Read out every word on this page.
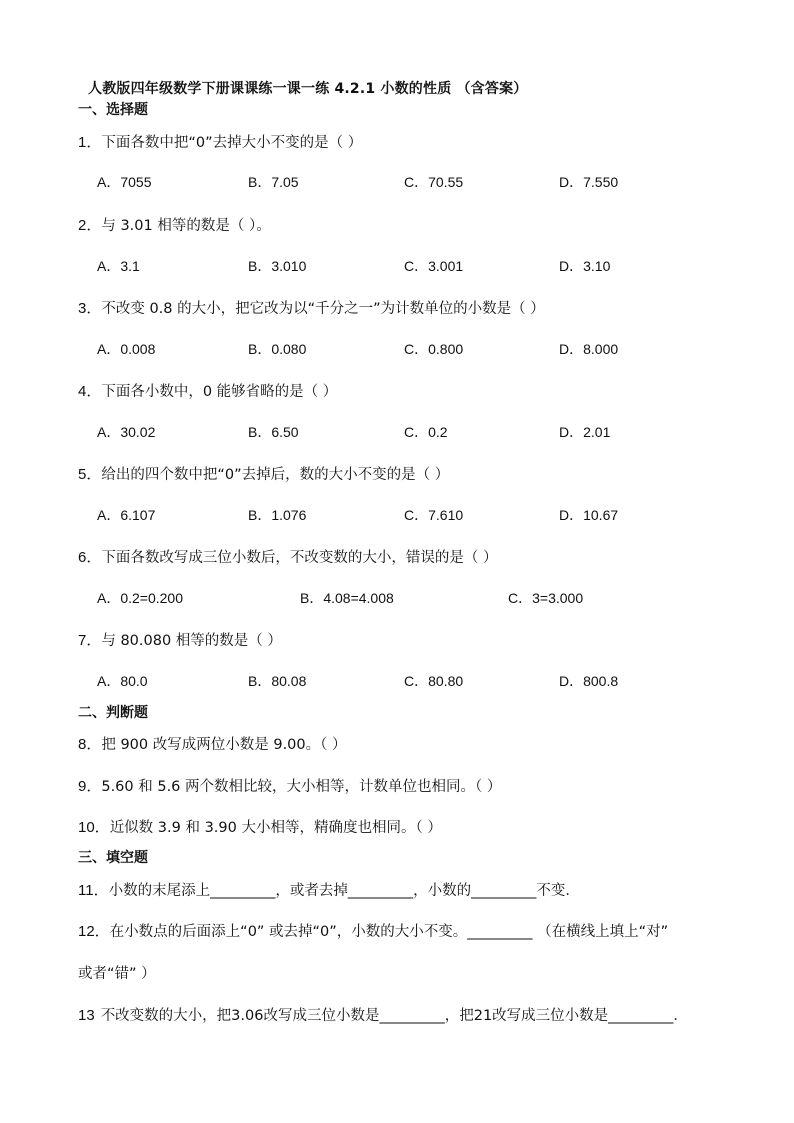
人教版四年级数学下册课课练一课一练 4.2.1 小数的性质 （含答案）
一、选择题
1．下面各数中把“0”去掉大小不变的是（ ）
A．7055	B．7.05	C．70.55	D．7.550
2．与 3.01 相等的数是（ ）。
A．3.1	B．3.010	C．3.001	D．3.10
3．不改变 0.8 的大小，把它改为以“千分之一”为计数单位的小数是（ ）
A．0.008	B．0.080	C．0.800	D．8.000
4．下面各小数中，0 能够省略的是（ ）
A．30.02	B．6.50	C．0.2	D．2.01
5．给出的四个数中把“0”去掉后，数的大小不变的是（ ）
A．6.107	B．1.076	C．7.610	D．10.67
6．下面各数改写成三位小数后，不改变数的大小，错误的是（ ）
A．0.2=0.200	B．4.08=4.008	C．3=3.000
7．与 80.080 相等的数是（ ）
A．80.0	B．80.08	C．80.80	D．800.8
二、判断题
8．把 900 改写成两位小数是 9.00。（ ）
9．5.60 和 5.6 两个数相比较，大小相等，计数单位也相同。（ ）
10．近似数 3.9 和 3.90 大小相等，精确度也相同。（ ）
三、填空题
11．小数的末尾添上_________，或者去掉_________，小数的_________不变．
12．在小数点的后面添上“0” 或去掉“0”，小数的大小不变。_________ （在横线上填上“对”
或者“错” ）
13 不改变数的大小，把3.06改写成三位小数是_________，把21改写成三位小数是_________．
